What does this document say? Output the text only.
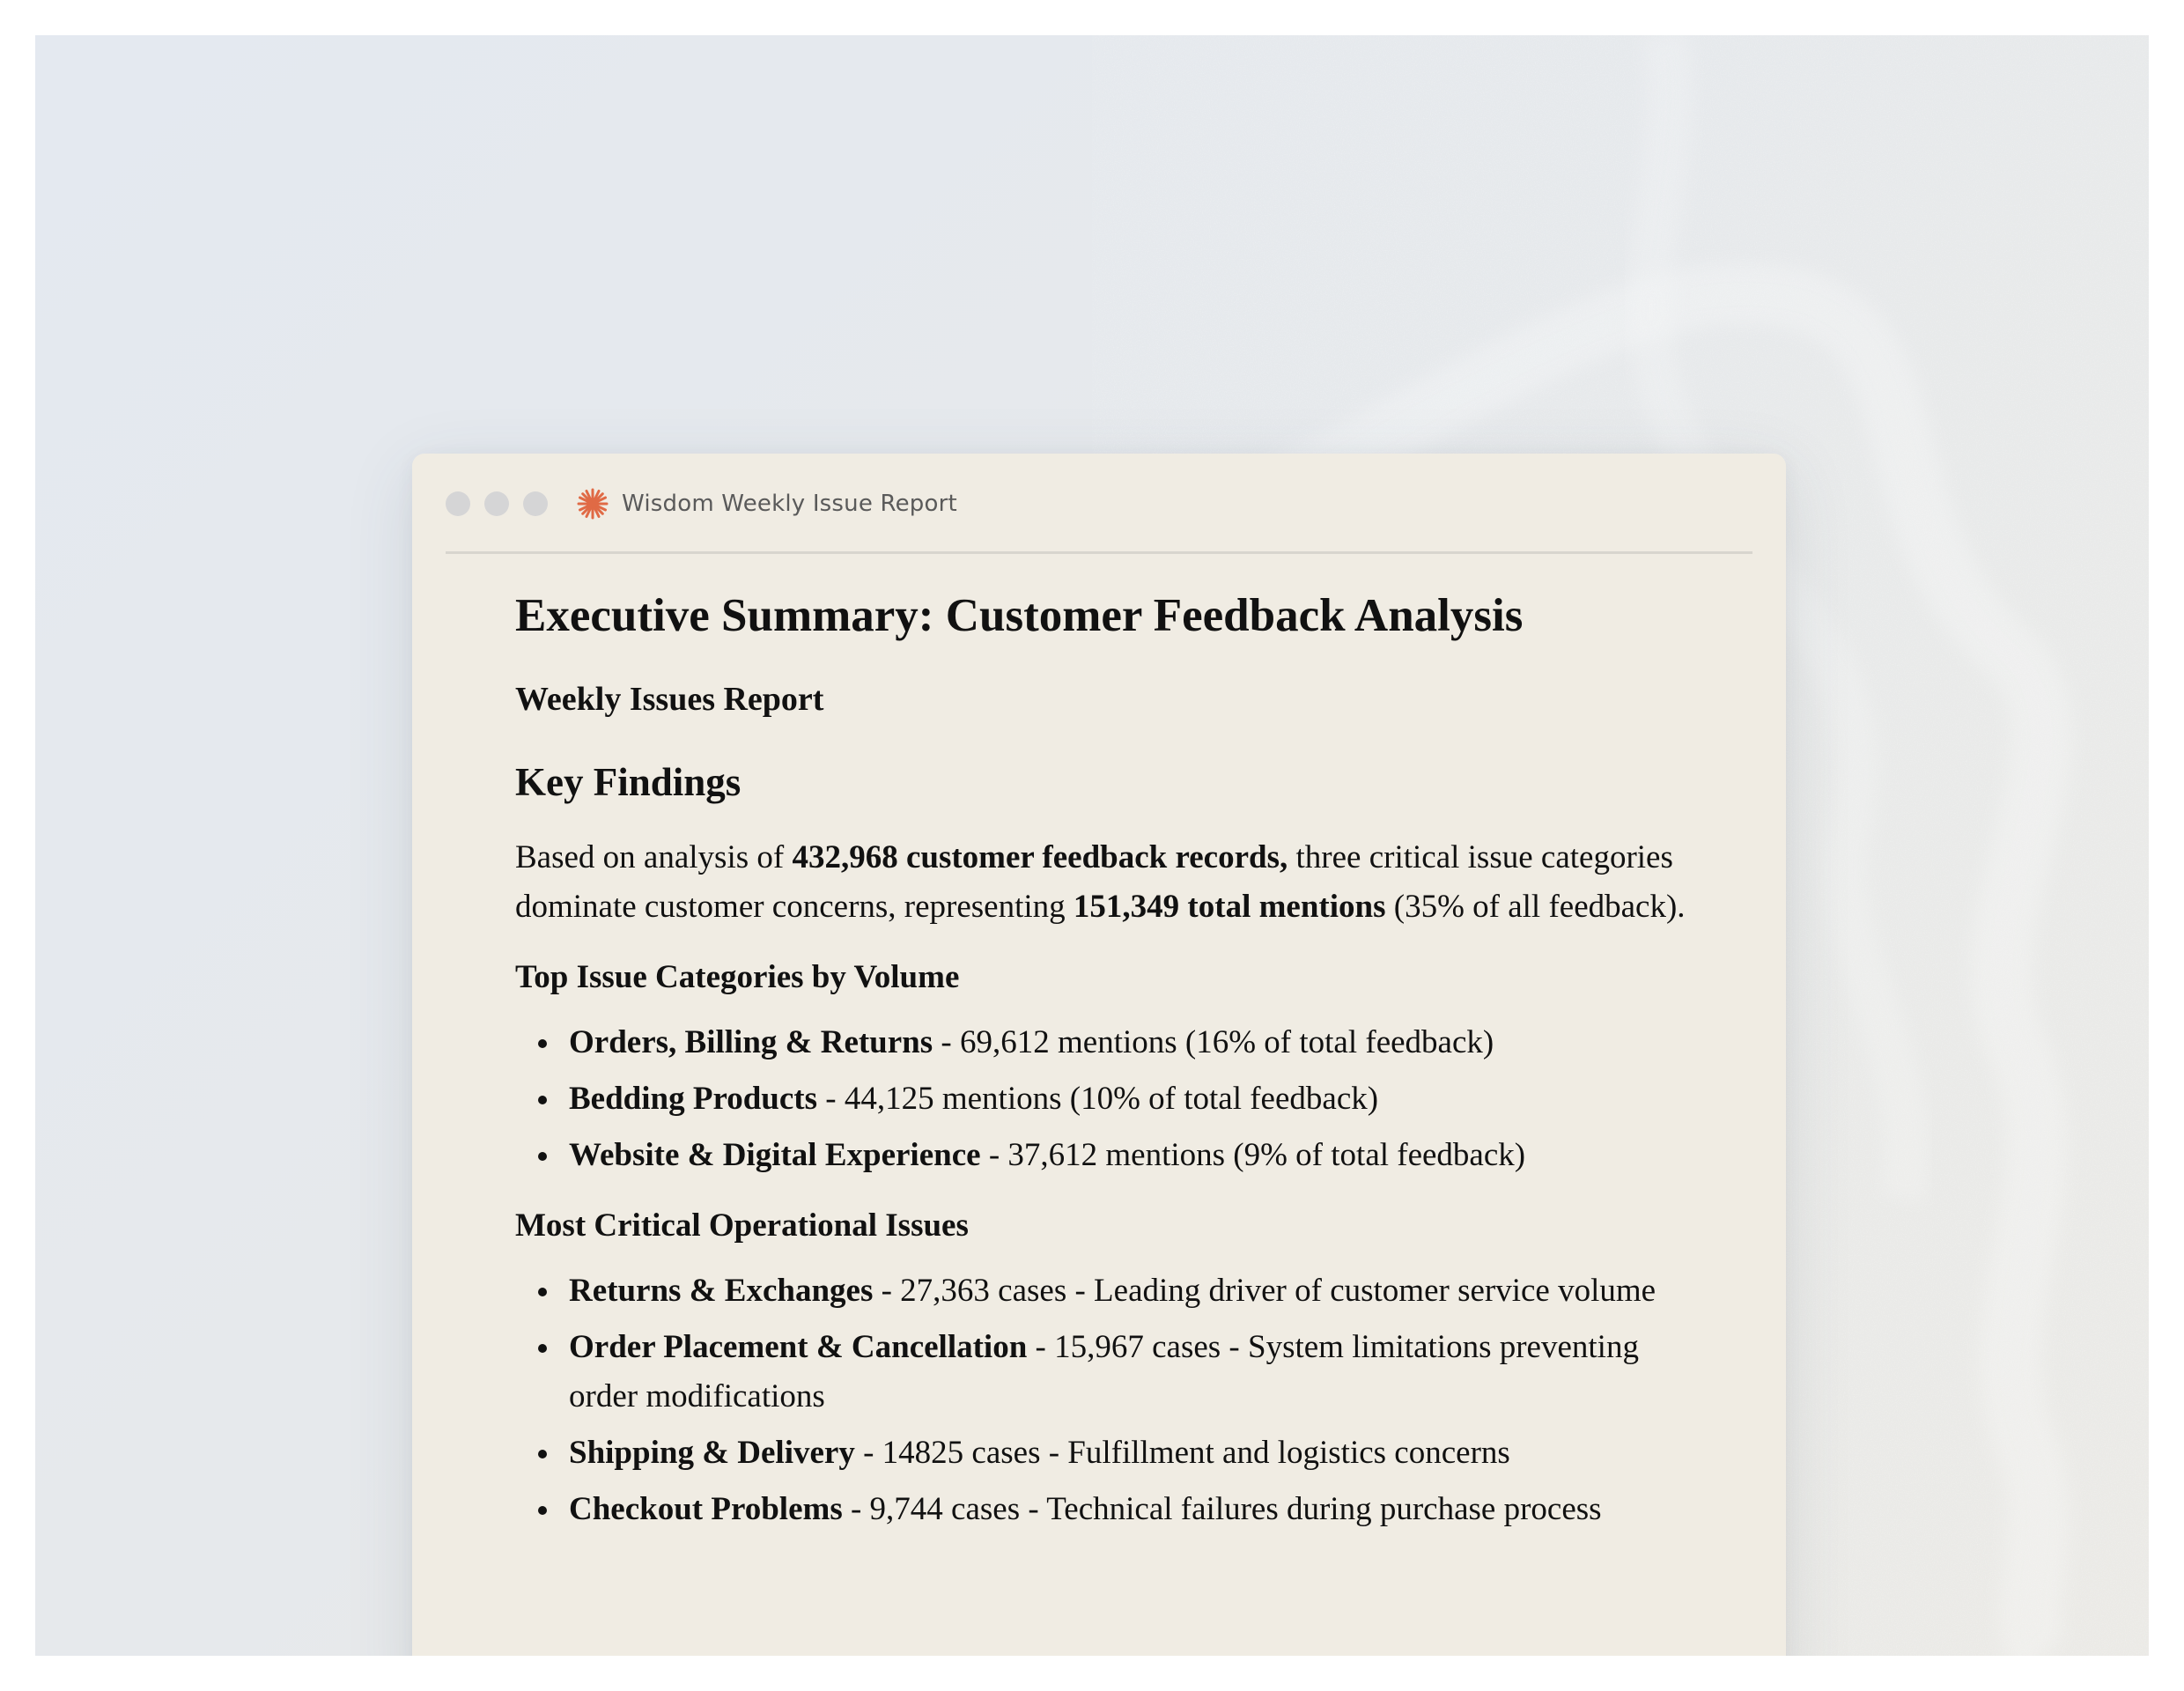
Wisdom Weekly Issue Report
Executive Summary: Customer Feedback Analysis
Weekly Issues Report
Key Findings

Based on analysis of 432,968 customer feedback records, three critical issue categories dominate customer concerns, representing 151,349 total mentions (35% of all feedback).

Top Issue Categories by Volume
Orders, Billing & Returns - 69,612 mentions (16% of total feedback)
Bedding Products - 44,125 mentions (10% of total feedback)
Website & Digital Experience - 37,612 mentions (9% of total feedback)
Most Critical Operational Issues
Returns & Exchanges - 27,363 cases - Leading driver of customer service volume
Order Placement & Cancellation - 15,967 cases - System limitations preventing order modifications
Shipping & Delivery - 14825 cases - Fulfillment and logistics concerns
Checkout Problems - 9,744 cases - Technical failures during purchase process
